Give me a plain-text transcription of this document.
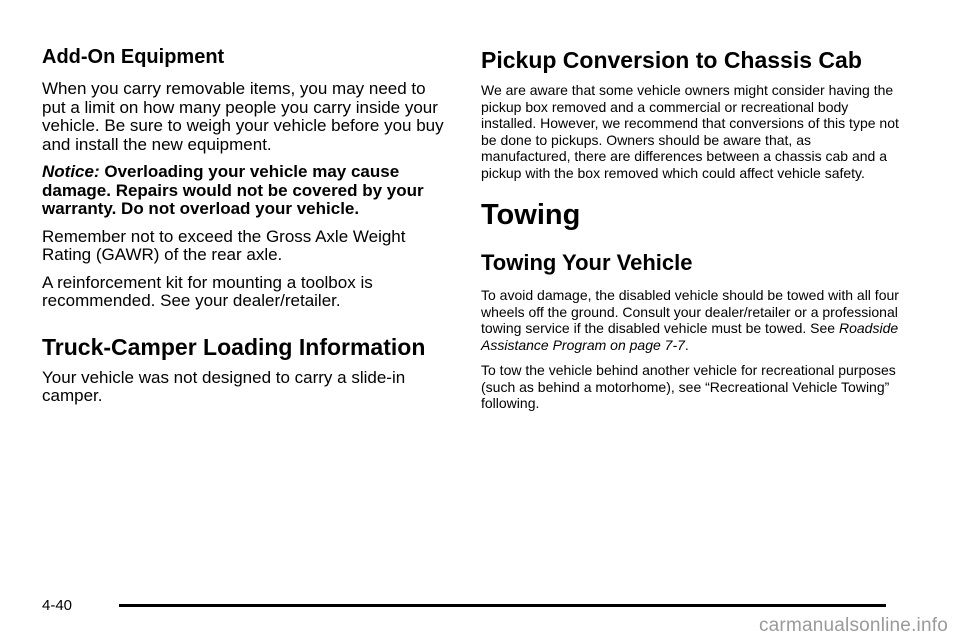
Add-On Equipment

When you carry removable items, you may need to put a limit on how many people you carry inside your vehicle. Be sure to weigh your vehicle before you buy and install the new equipment.

Notice: Overloading your vehicle may cause damage. Repairs would not be covered by your warranty. Do not overload your vehicle.

Remember not to exceed the Gross Axle Weight Rating (GAWR) of the rear axle.

A reinforcement kit for mounting a toolbox is recommended. See your dealer/retailer.

Truck-Camper Loading Information

Your vehicle was not designed to carry a slide-in camper.

Pickup Conversion to Chassis Cab

We are aware that some vehicle owners might consider having the pickup box removed and a commercial or recreational body installed. However, we recommend that conversions of this type not be done to pickups. Owners should be aware that, as manufactured, there are differences between a chassis cab and a pickup with the box removed which could affect vehicle safety.

Towing
Towing Your Vehicle

To avoid damage, the disabled vehicle should be towed with all four wheels off the ground. Consult your dealer/retailer or a professional towing service if the disabled vehicle must be towed. See Roadside Assistance Program on page 7-7.

To tow the vehicle behind another vehicle for recreational purposes (such as behind a motorhome), see “Recreational Vehicle Towing” following.

4-40
carmanualsonline.info
